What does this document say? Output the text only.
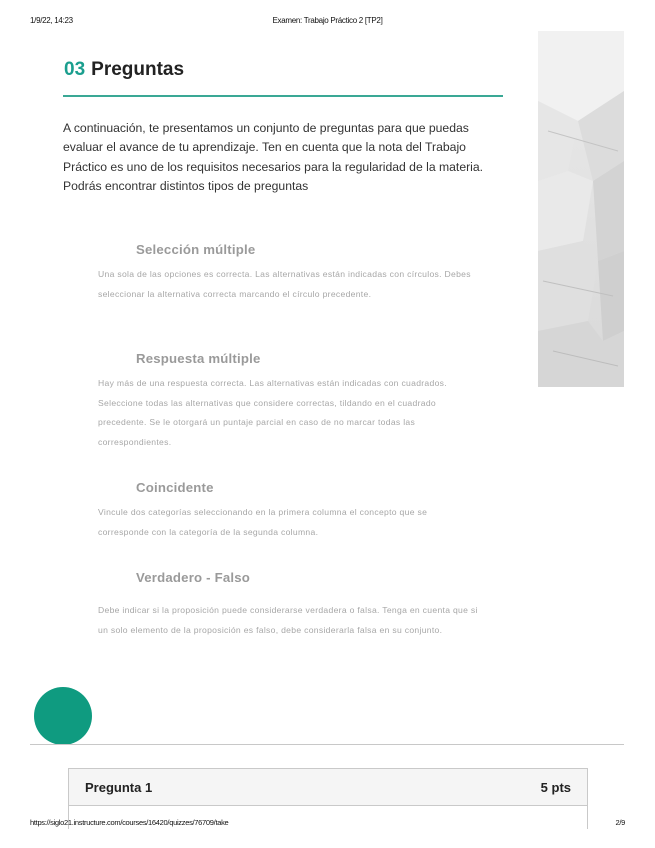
1/9/22, 14:23	Examen: Trabajo Práctico 2 [TP2]
03 Preguntas

A continuación, te presentamos un conjunto de preguntas para que puedas evaluar el avance de tu aprendizaje. Ten en cuenta que la nota del Trabajo Práctico es uno de los requisitos necesarios para la regularidad de la materia. Podrás encontrar distintos tipos de preguntas

Selección múltiple

Una sola de las opciones es correcta. Las alternativas están indicadas con círculos. Debes seleccionar la alternativa correcta marcando el círculo precedente.

Respuesta múltiple

Hay más de una respuesta correcta. Las alternativas están indicadas con cuadrados. Seleccione todas las alternativas que considere correctas, tildando en el cuadrado precedente. Se le otorgará un puntaje parcial en caso de no marcar todas las correspondientes.

Coincidente

Vincule dos categorías seleccionando en la primera columna el concepto que se corresponde con la categoría de la segunda columna.

Verdadero - Falso

Debe indicar si la proposición puede considerarse verdadera o falsa. Tenga en cuenta que si un solo elemento de la proposición es falso, debe considerarla falsa en su conjunto.

Pregunta 1	5 pts
https://siglo21.instructure.com/courses/16420/quizzes/76709/take	2/9
